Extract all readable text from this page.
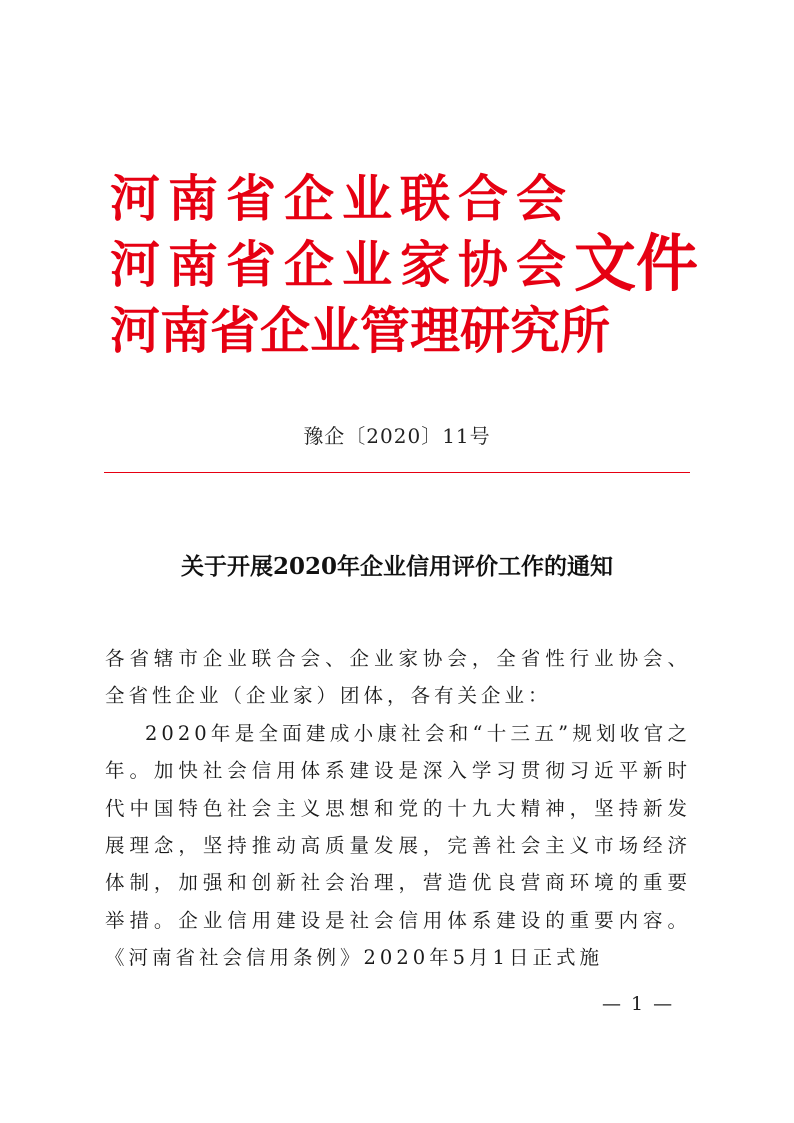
河南省企业联合会
河南省企业家协会
河南省企业管理研究所
文件
豫企〔2020〕11号
关于开展2020年企业信用评价工作的通知

各省辖市企业联合会、企业家协会，全省性行业协会、全省性企业（企业家）团体，各有关企业：

2020年是全面建成小康社会和“十三五”规划收官之年。加快社会信用体系建设是深入学习贯彻习近平新时代中国特色社会主义思想和党的十九大精神，坚持新发展理念，坚持推动高质量发展，完善社会主义市场经济体制，加强和创新社会治理，营造优良营商环境的重要举措。企业信用建设是社会信用体系建设的重要内容。《河南省社会信用条例》2020年5月1日正式施

— 1 —
